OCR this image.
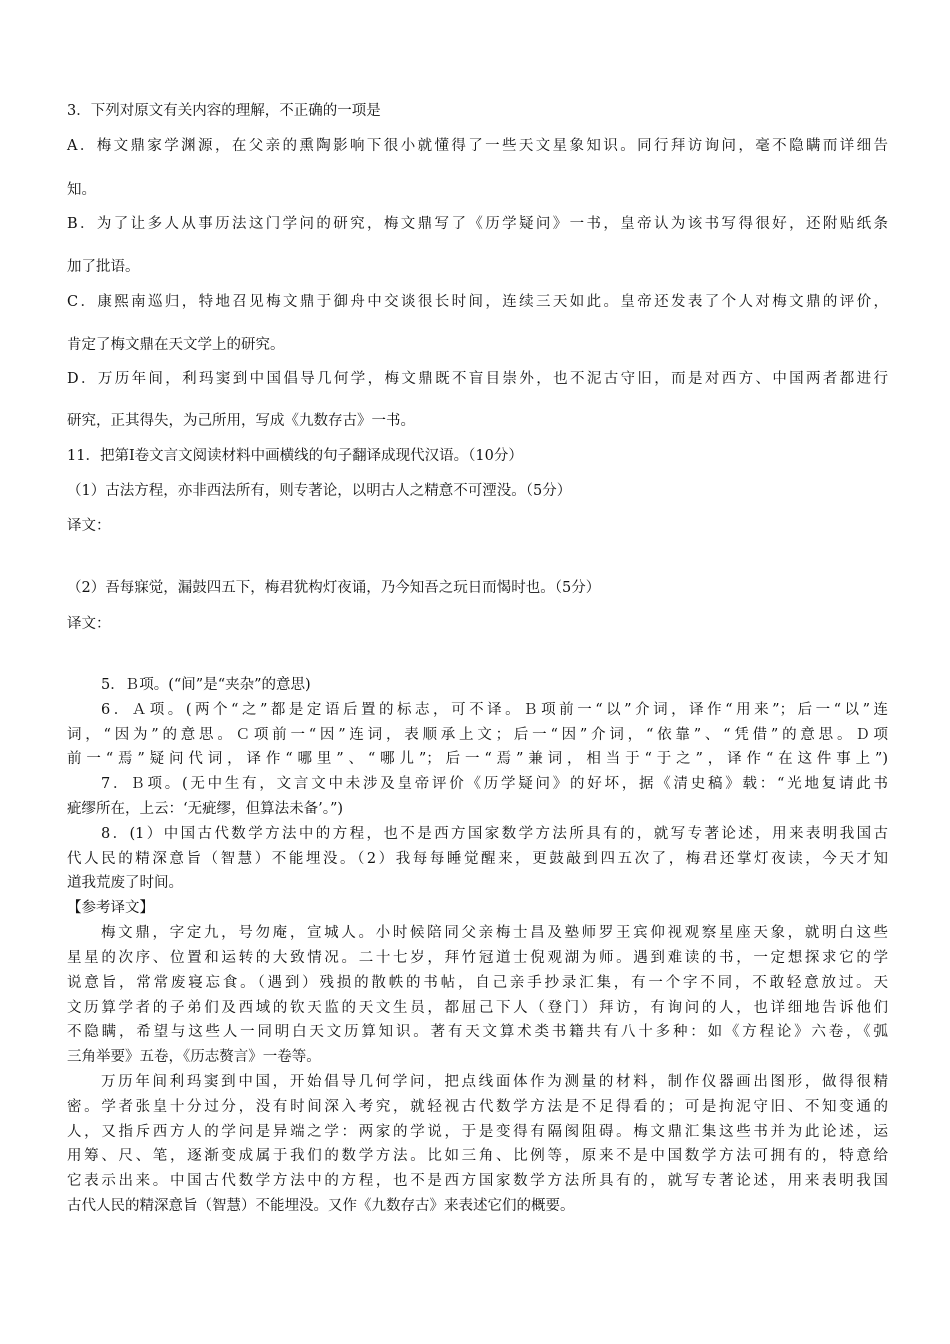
3．下列对原文有关内容的理解，不正确的一项是
A．梅文鼎家学渊源，在父亲的熏陶影响下很小就懂得了一些天文星象知识。同行拜访询问，毫不隐瞒而详细告
知。
B．为了让多人从事历法这门学问的研究，梅文鼎写了《历学疑问》一书，皇帝认为该书写得很好，还附贴纸条
加了批语。
C．康熙南巡归，特地召见梅文鼎于御舟中交谈很长时间，连续三天如此。皇帝还发表了个人对梅文鼎的评价，
肯定了梅文鼎在天文学上的研究。
D．万历年间，利玛窦到中国倡导几何学，梅文鼎既不盲目崇外，也不泥古守旧，而是对西方、中国两者都进行
研究，正其得失，为己所用，写成《九数存古》一书。
11．把第Ⅰ卷文言文阅读材料中画横线的句子翻译成现代汉语。（10分）
（1）古法方程，亦非西法所有，则专著论，以明古人之精意不可湮没。（5分）
译文：
（2）吾每寐觉，漏鼓四五下，梅君犹构灯夜诵，乃今知吾之玩日而愒时也。（5分）
译文：
5．Ｂ项。(“间”是“夹杂”的意思)
6．Ａ项。(两个“之”都是定语后置的标志，可不译。Ｂ项前一“以”介词，译作“用来”；后一“以”连
词，“因为”的意思。Ｃ项前一“因”连词，表顺承上文；后一“因”介词，“依靠”、“凭借”的意思。Ｄ项
前一“焉”疑问代词，译作“哪里”、“哪儿”；后一“焉”兼词，相当于“于之”，译作“在这件事上”)
7．Ｂ项。(无中生有，文言文中未涉及皇帝评价《历学疑问》的好坏，据《清史稿》载：“光地复请此书
疵缪所在，上云：‘无疵缪，但算法未备’。”)
8．(1）中国古代数学方法中的方程，也不是西方国家数学方法所具有的，就写专著论述，用来表明我国古
代人民的精深意旨（智慧）不能埋没。（2）我每每睡觉醒来，更鼓敲到四五次了，梅君还掌灯夜读，今天才知
道我荒废了时间。
【参考译文】
梅文鼎，字定九，号勿庵，宣城人。小时候陪同父亲梅士昌及塾师罗王宾仰视观察星座天象，就明白这些
星星的次序、位置和运转的大致情况。二十七岁，拜竹冠道士倪观湖为师。遇到难读的书，一定想探求它的学
说意旨，常常废寝忘食。（遇到）残损的散帙的书帖，自己亲手抄录汇集，有一个字不同，不敢轻意放过。天
文历算学者的子弟们及西域的钦天监的天文生员，都屈己下人（登门）拜访，有询问的人，也详细地告诉他们
不隐瞒，希望与这些人一同明白天文历算知识。著有天文算术类书籍共有八十多种：如《方程论》六卷，《弧
三角举要》五卷，《历志赘言》一卷等。
万历年间利玛窦到中国，开始倡导几何学问，把点线面体作为测量的材料，制作仪器画出图形，做得很精
密。学者张皇十分过分，没有时间深入考究，就轻视古代数学方法是不足得看的；可是拘泥守旧、不知变通的
人，又指斥西方人的学问是异端之学：两家的学说，于是变得有隔阂阻碍。梅文鼎汇集这些书并为此论述，运
用筹、尺、笔，逐渐变成属于我们的数学方法。比如三角、比例等，原来不是中国数学方法可拥有的，特意给
它表示出来。中国古代数学方法中的方程，也不是西方国家数学方法所具有的，就写专著论述，用来表明我国
古代人民的精深意旨（智慧）不能埋没。又作《九数存古》来表述它们的概要。
